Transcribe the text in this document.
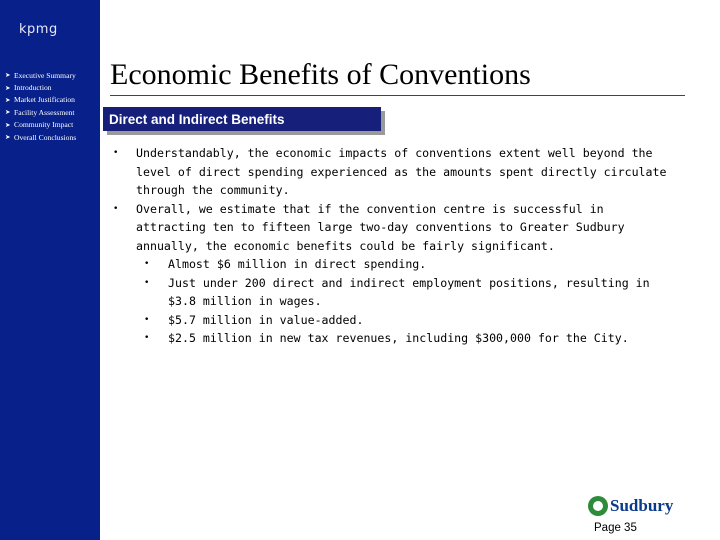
kpmg
➤ Executive Summary
➤ Introduction
➤ Market Justification
➤ Facility Assessment
➤ Community Impact
➤ Overall Conclusions
Economic Benefits of Conventions
Direct and Indirect Benefits
• Understandably, the economic impacts of conventions extent well beyond the level of direct spending experienced as the amounts spent directly circulate through the community.
• Overall, we estimate that if the convention centre is successful in attracting ten to fifteen large two-day conventions to Greater Sudbury annually, the economic benefits could be fairly significant.
• Almost $6 million in direct spending.
• Just under 200 direct and indirect employment positions, resulting in $3.8 million in wages.
• $5.7 million in value-added.
• $2.5 million in new tax revenues, including $300,000 for the City.
Sudbury
Page 35
